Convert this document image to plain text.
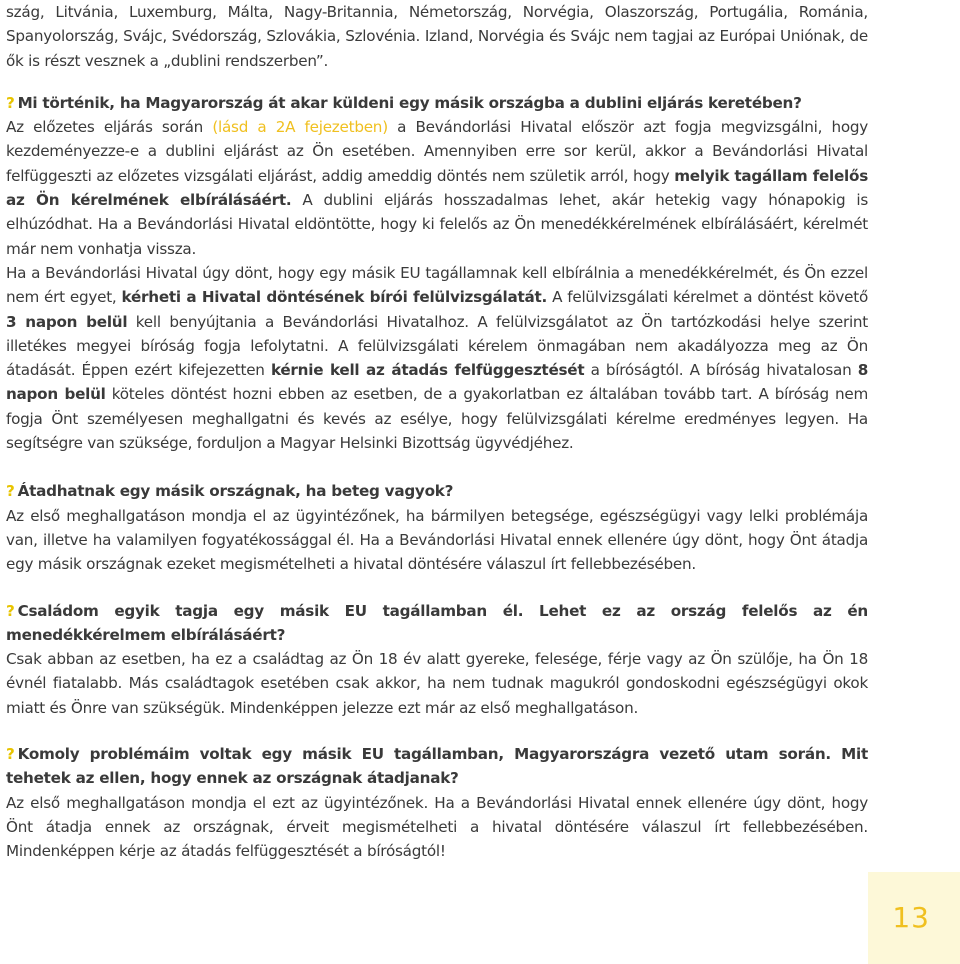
szág, Litvánia, Luxemburg, Málta, Nagy-Britannia, Németország, Norvégia, Olaszország, Portugália, Románia, Spanyolország, Svájc, Svédország, Szlovákia, Szlovénia. Izland, Norvégia és Svájc nem tagjai az Európai Uniónak, de ők is részt vesznek a „dublini rendszerben”.

? Mi történik, ha Magyarország át akar küldeni egy másik országba a dublini eljárás keretében?

Az előzetes eljárás során (lásd a 2A fejezetben) a Bevándorlási Hivatal először azt fogja megvizsgálni, hogy kezdeményezze-e a dublini eljárást az Ön esetében. Amennyiben erre sor kerül, akkor a Bevándorlási Hivatal felfüggeszti az előzetes vizsgálati eljárást, addig ameddig döntés nem születik arról, hogy melyik tagállam felelős az Ön kérelmének elbírálásáért. A dublini eljárás hosszadalmas lehet, akár hetekig vagy hónapokig is elhúzódhat. Ha a Bevándorlási Hivatal eldöntötte, hogy ki felelős az Ön menedékkérelmének elbírálásáért, kérelmét már nem vonhatja vissza.

Ha a Bevándorlási Hivatal úgy dönt, hogy egy másik EU tagállamnak kell elbírálnia a menedékkérelmét, és Ön ezzel nem ért egyet, kérheti a Hivatal döntésének bírói felülvizsgálatát. A felülvizsgálati kérelmet a döntést követő 3 napon belül kell benyújtania a Bevándorlási Hivatalhoz. A felülvizsgálatot az Ön tartózkodási helye szerint illetékes megyei bíróság fogja lefolytatni. A felülvizsgálati kérelem önmagában nem akadályozza meg az Ön átadását. Éppen ezért kifejezetten kérnie kell az átadás felfüggesztését a bíróságtól. A bíróság hivatalosan 8 napon belül köteles döntést hozni ebben az esetben, de a gyakorlatban ez általában tovább tart. A bíróság nem fogja Önt személyesen meghallgatni és kevés az esélye, hogy felülvizsgálati kérelme eredményes legyen. Ha segítségre van szüksége, forduljon a Magyar Helsinki Bizottság ügyvédjéhez.

? Átadhatnak egy másik országnak, ha beteg vagyok?

Az első meghallgatáson mondja el az ügyintézőnek, ha bármilyen betegsége, egészségügyi vagy lelki problémája van, illetve ha valamilyen fogyatékossággal él. Ha a Bevándorlási Hivatal ennek ellenére úgy dönt, hogy Önt átadja egy másik országnak ezeket megismételheti a hivatal döntésére válaszul írt fellebbezésében.

? Családom egyik tagja egy másik EU tagállamban él. Lehet ez az ország felelős az én menedékkérelmem elbírálásáért?

Csak abban az esetben, ha ez a családtag az Ön 18 év alatt gyereke, felesége, férje vagy az Ön szülője, ha Ön 18 évnél fiatalabb. Más családtagok esetében csak akkor, ha nem tudnak magukról gondoskodni egészségügyi okok miatt és Önre van szükségük. Mindenképpen jelezze ezt már az első meghallgatáson.

? Komoly problémáim voltak egy másik EU tagállamban, Magyarországra vezető utam során. Mit tehetek az ellen, hogy ennek az országnak átadjanak?

Az első meghallgatáson mondja el ezt az ügyintézőnek. Ha a Bevándorlási Hivatal ennek ellenére úgy dönt, hogy Önt átadja ennek az országnak, érveit megismételheti a hivatal döntésére válaszul írt fellebbezésében. Mindenképpen kérje az átadás felfüggesztését a bíróságtól!

13
